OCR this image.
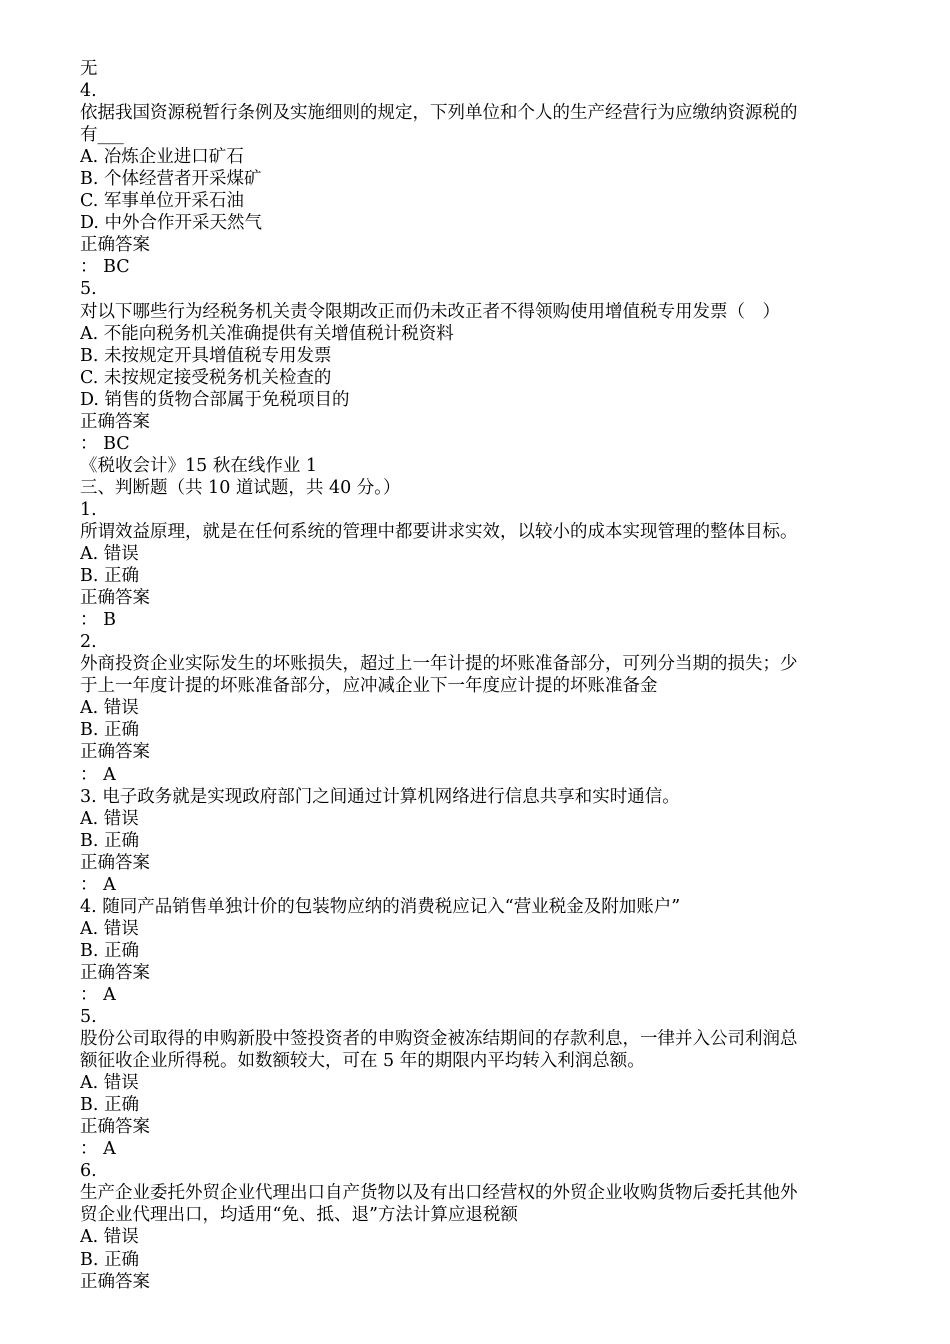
无
4.
依据我国资源税暂行条例及实施细则的规定，下列单位和个人的生产经营行为应缴纳资源税的
有___
A. 冶炼企业进口矿石
B. 个体经营者开采煤矿
C. 军事单位开采石油
D. 中外合作开采天然气
正确答案
： BC
5.
对以下哪些行为经税务机关责令限期改正而仍未改正者不得领购使用增值税专用发票（　）
A. 不能向税务机关准确提供有关增值税计税资料
B. 未按规定开具增值税专用发票
C. 未按规定接受税务机关检查的
D. 销售的货物合部属于免税项目的
正确答案
： BC
《税收会计》15 秋在线作业 1
三、判断题（共 10 道试题，共 40 分。）
1.
所谓效益原理，就是在任何系统的管理中都要讲求实效，以较小的成本实现管理的整体目标。
A. 错误
B. 正确
正确答案
： B
2.
外商投资企业实际发生的坏账损失，超过上一年计提的坏账准备部分，可列分当期的损失；少
于上一年度计提的坏账准备部分，应冲减企业下一年度应计提的坏账准备金
A. 错误
B. 正确
正确答案
： A
3. 电子政务就是实现政府部门之间通过计算机网络进行信息共享和实时通信。
A. 错误
B. 正确
正确答案
： A
4. 随同产品销售单独计价的包装物应纳的消费税应记入“营业税金及附加账户”
A. 错误
B. 正确
正确答案
： A
5.
股份公司取得的申购新股中签投资者的申购资金被冻结期间的存款利息，一律并入公司利润总
额征收企业所得税。如数额较大，可在 5 年的期限内平均转入利润总额。
A. 错误
B. 正确
正确答案
： A
6.
生产企业委托外贸企业代理出口自产货物以及有出口经营权的外贸企业收购货物后委托其他外
贸企业代理出口，均适用“免、抵、退”方法计算应退税额
A. 错误
B. 正确
正确答案
